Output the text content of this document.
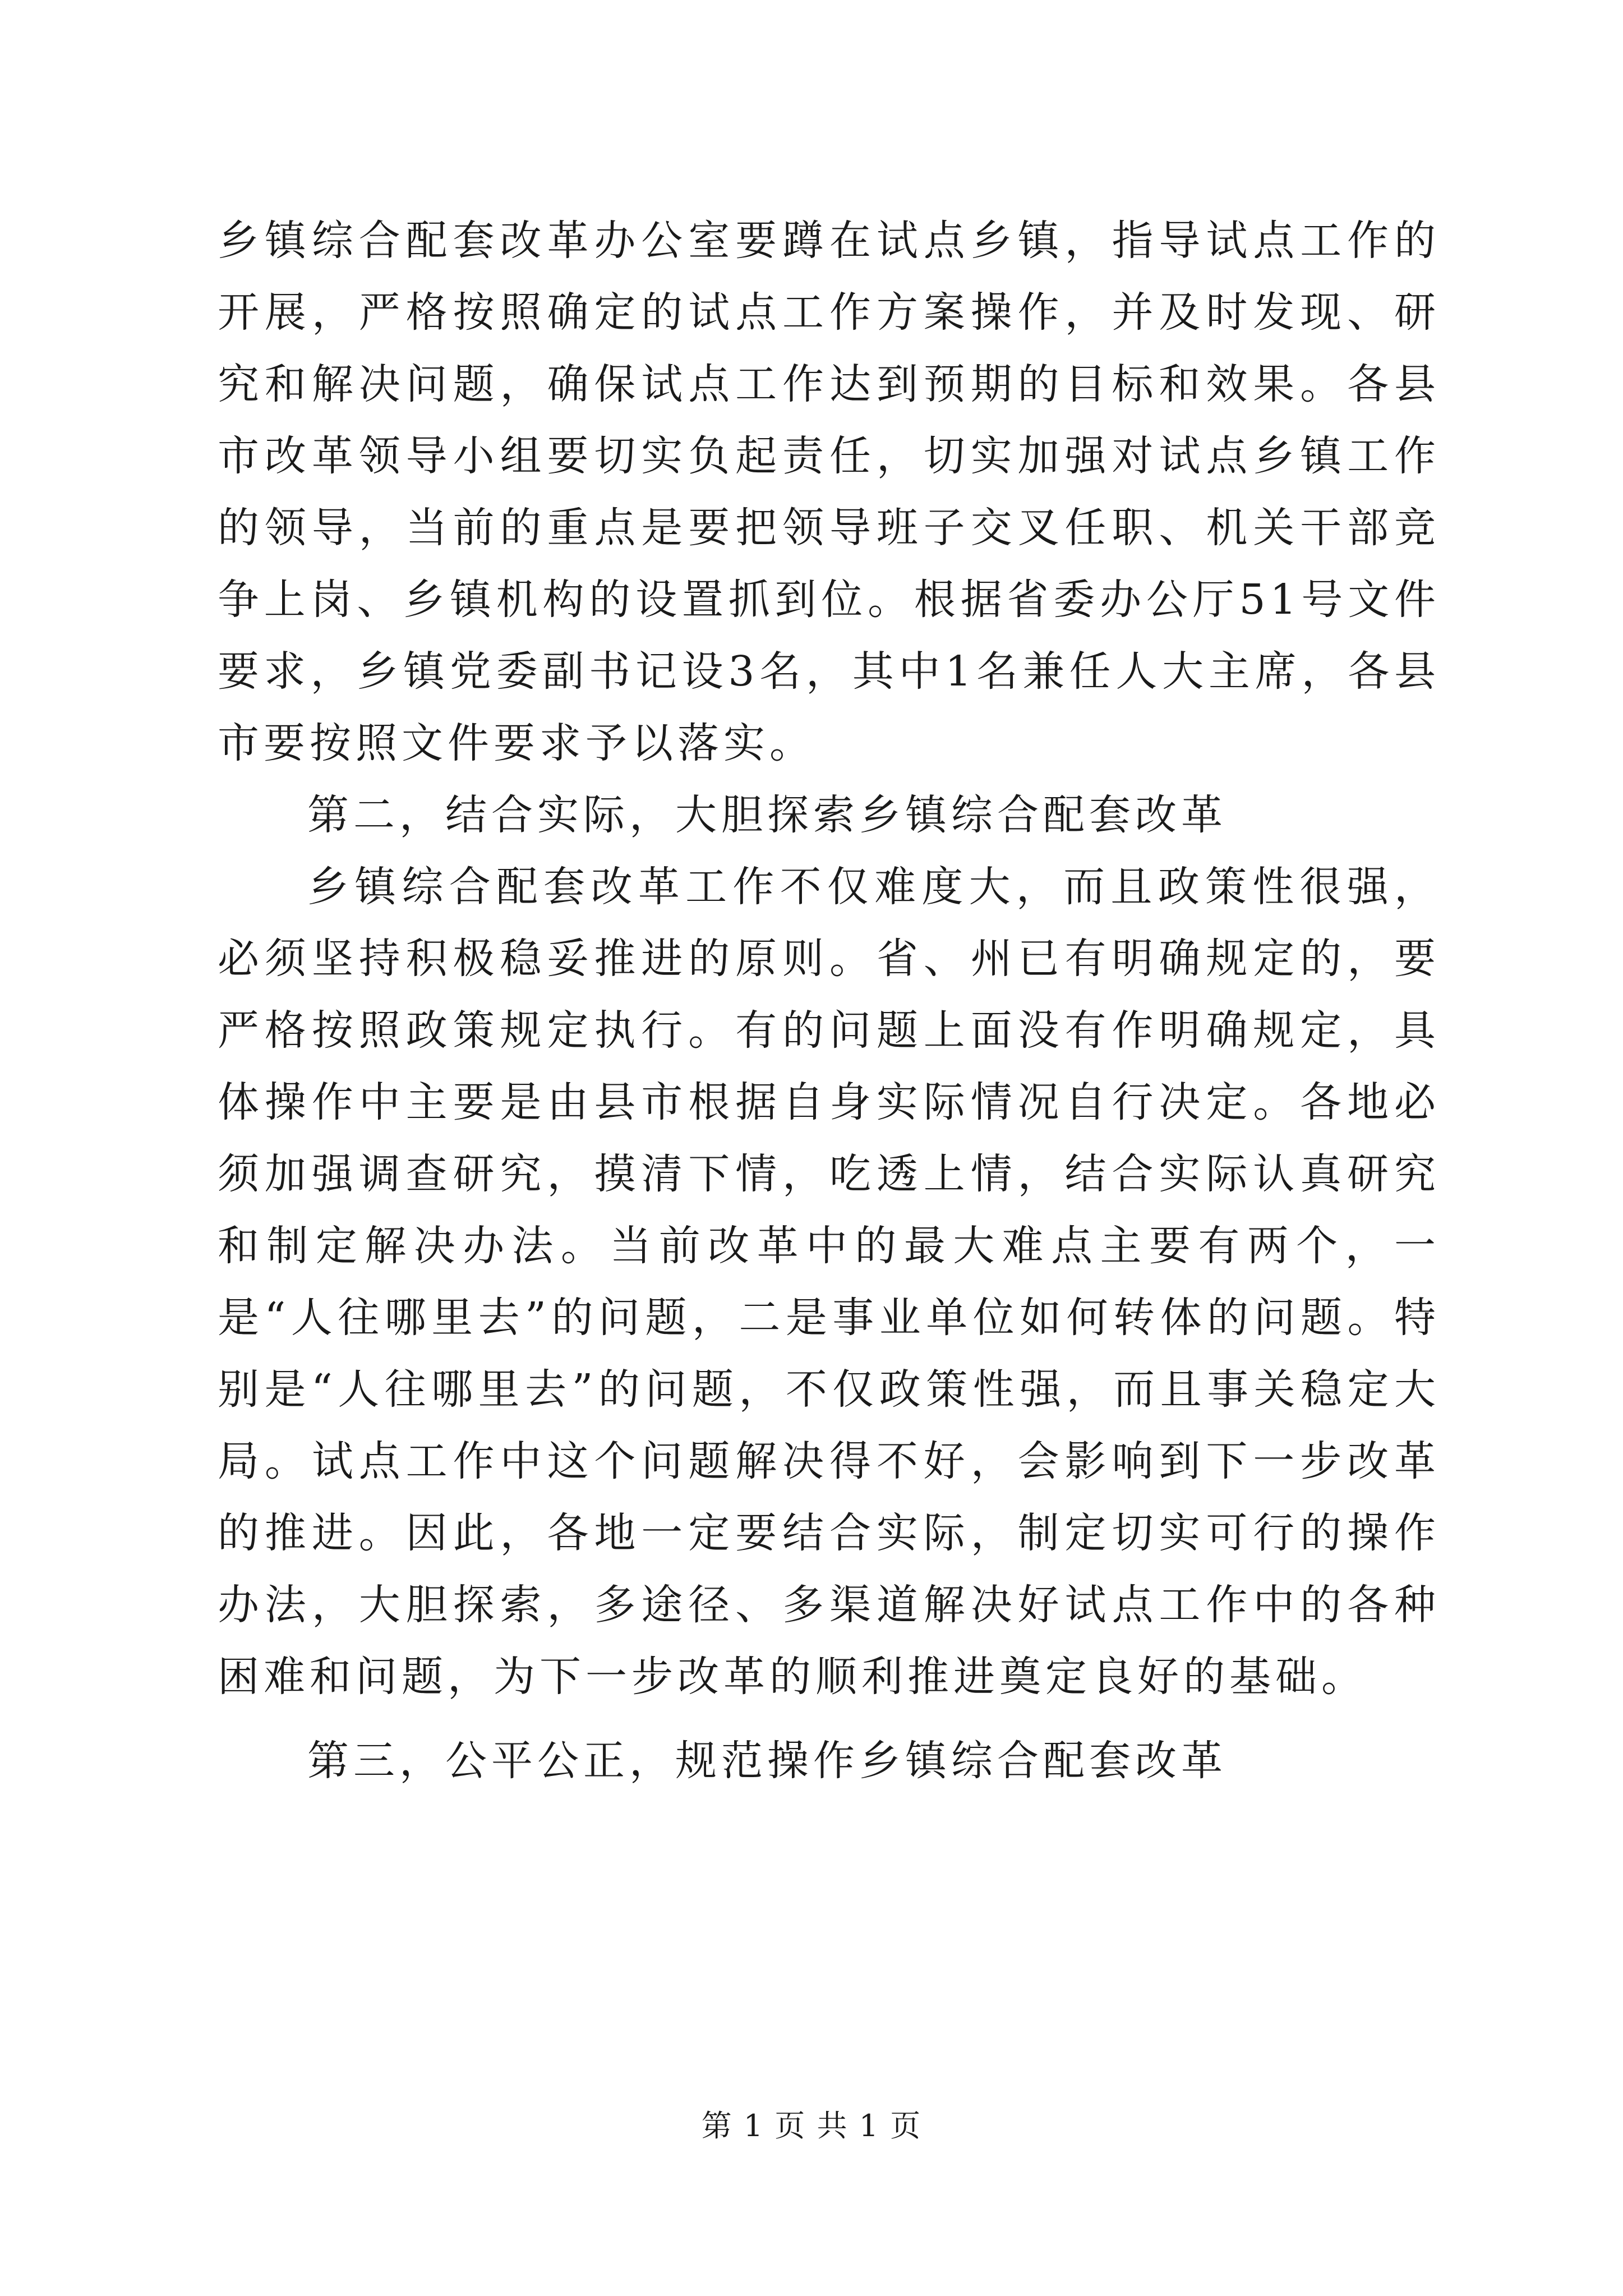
乡镇综合配套改革办公室要蹲在试点乡镇，指导试点工作的开展，严格按照确定的试点工作方案操作，并及时发现、研究和解决问题，确保试点工作达到预期的目标和效果。各县市改革领导小组要切实负起责任，切实加强对试点乡镇工作的领导，当前的重点是要把领导班子交叉任职、机关干部竞争上岗、乡镇机构的设置抓到位。根据省委办公厅51号文件要求，乡镇党委副书记设3名，其中1名兼任人大主席，各县市要按照文件要求予以落实。

第二，结合实际，大胆探索乡镇综合配套改革

乡镇综合配套改革工作不仅难度大，而且政策性很强，必须坚持积极稳妥推进的原则。省、州已有明确规定的，要严格按照政策规定执行。有的问题上面没有作明确规定，具体操作中主要是由县市根据自身实际情况自行决定。各地必须加强调查研究，摸清下情，吃透上情，结合实际认真研究和制定解决办法。当前改革中的最大难点主要有两个，一是“人往哪里去”的问题，二是事业单位如何转体的问题。特别是“人往哪里去”的问题，不仅政策性强，而且事关稳定大局。试点工作中这个问题解决得不好，会影响到下一步改革的推进。因此，各地一定要结合实际，制定切实可行的操作办法，大胆探索，多途径、多渠道解决好试点工作中的各种困难和问题，为下一步改革的顺利推进奠定良好的基础。

第三，公平公正，规范操作乡镇综合配套改革

第 1 页 共 1 页
